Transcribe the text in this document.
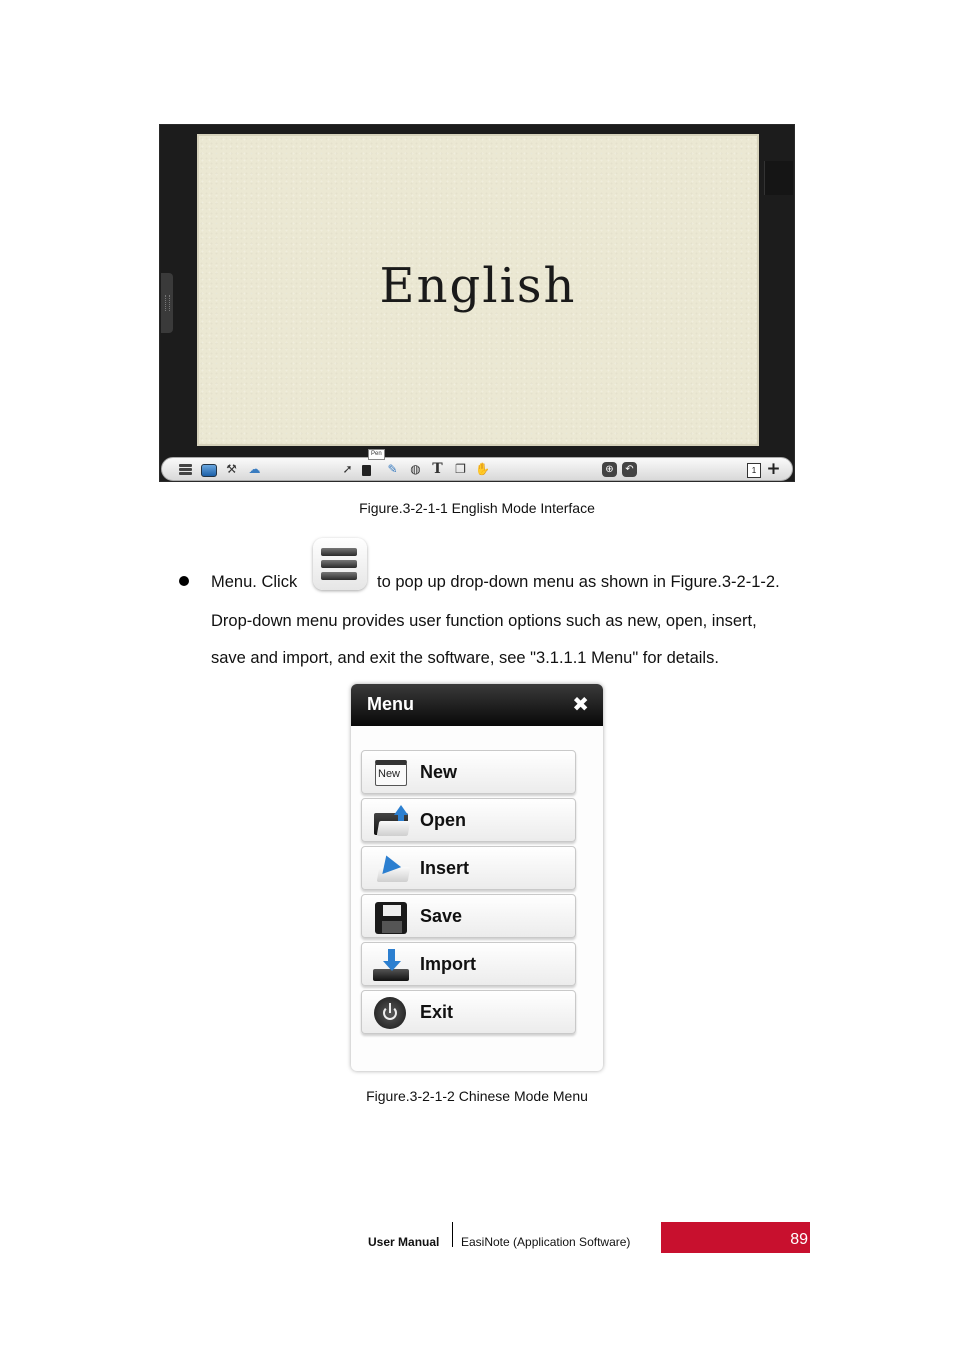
English
⚒ ☁	➚
Pen
✎ ◍ T ❐ ✋	⊕	↶	1 +
Figure.3-2-1-1 English Mode Interface
Menu. Click	to pop up drop-down menu as shown in Figure.3-2-1-2.
Drop-down menu provides user function options such as new, open, insert,
save and import, and exit the software, see "3.1.1.1 Menu" for details.
Menu	✖
New New
Open
Insert
Save
Import
Exit
Figure.3-2-1-2 Chinese Mode Menu
User Manual EasiNote (Application Software)	89
